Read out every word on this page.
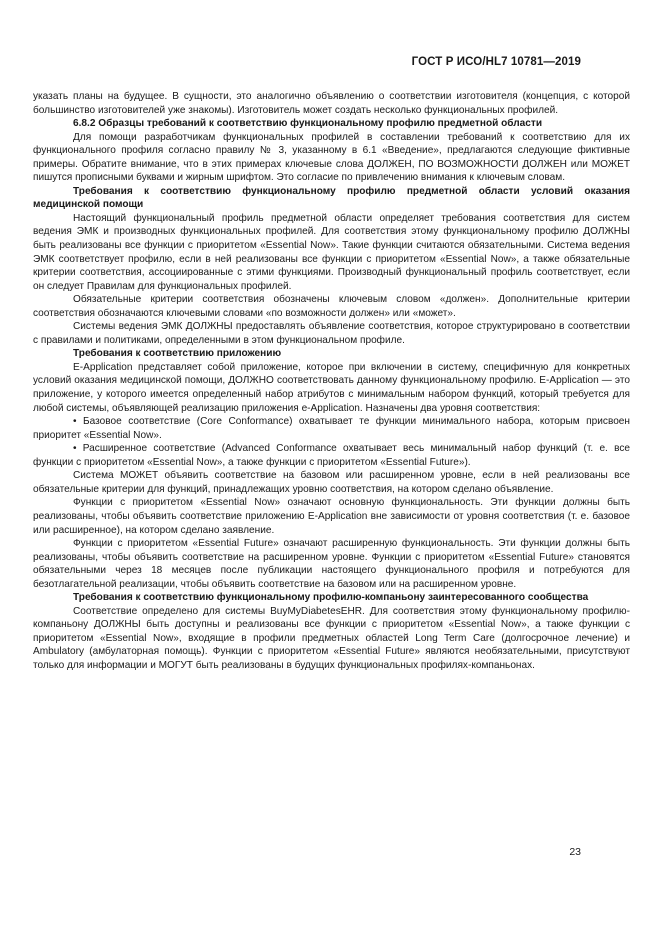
ГОСТ Р ИСО/HL7 10781—2019

указать планы на будущее. В сущности, это аналогично объявлению о соответствии изготовителя (концепция, с которой большинство изготовителей уже знакомы). Изготовитель может создать несколько функциональных профилей.

6.8.2 Образцы требований к соответствию функциональному профилю предметной области

Для помощи разработчикам функциональных профилей в составлении требований к соответствию для их функционального профиля согласно правилу № 3, указанному в 6.1 «Введение», предлагаются следующие фиктивные примеры. Обратите внимание, что в этих примерах ключевые слова ДОЛЖЕН, ПО ВОЗМОЖНОСТИ ДОЛЖЕН или МОЖЕТ пишутся прописными буквами и жирным шрифтом. Это согласие по привлечению внимания к ключевым словам.

Требования к соответствию функциональному профилю предметной области условий оказания медицинской помощи

Настоящий функциональный профиль предметной области определяет требования соответствия для систем ведения ЭМК и производных функциональных профилей. Для соответствия этому функциональному профилю ДОЛЖНЫ быть реализованы все функции с приоритетом «Essential Now». Такие функции считаются обязательными. Система ведения ЭМК соответствует профилю, если в ней реализованы все функции с приоритетом «Essential Now», а также обязательные критерии соответствия, ассоциированные с этими функциями. Производный функциональный профиль соответствует, если он следует Правилам для функциональных профилей.

Обязательные критерии соответствия обозначены ключевым словом «должен». Дополнительные критерии соответствия обозначаются ключевыми словами «по возможности должен» или «может».

Системы ведения ЭМК ДОЛЖНЫ предоставлять объявление соответствия, которое структурировано в соответствии с правилами и политиками, определенными в этом функциональном профиле.

Требования к соответствию приложению

E-Application представляет собой приложение, которое при включении в систему, специфичную для конкретных условий оказания медицинской помощи, ДОЛЖНО соответствовать данному функциональному профилю. E-Application — это приложение, у которого имеется определенный набор атрибутов с минимальным набором функций, который требуется для любой системы, объявляющей реализацию приложения e-Application. Назначены два уровня соответствия:

• Базовое соответствие (Core Conformance) охватывает те функции минимального набора, которым присвоен приоритет «Essential Now».

• Расширенное соответствие (Advanced Conformance охватывает весь минимальный набор функций (т. е. все функции с приоритетом «Essential Now», а также функции с приоритетом «Essential Future»).

Система МОЖЕТ объявить соответствие на базовом или расширенном уровне, если в ней реализованы все обязательные критерии для функций, принадлежащих уровню соответствия, на котором сделано объявление.

Функции с приоритетом «Essential Now» означают основную функциональность. Эти функции должны быть реализованы, чтобы объявить соответствие приложению E-Application вне зависимости от уровня соответствия (т. е. базовое или расширенное), на котором сделано заявление.

Функции с приоритетом «Essential Future» означают расширенную функциональность. Эти функции должны быть реализованы, чтобы объявить соответствие на расширенном уровне. Функции с приоритетом «Essential Future» становятся обязательными через 18 месяцев после публикации настоящего функционального профиля и потребуются для безотлагательной реализации, чтобы объявить соответствие на базовом или на расширенном уровне.

Требования к соответствию функциональному профилю-компаньону заинтересованного сообщества

Соответствие определено для системы BuyMyDiabetesEHR. Для соответствия этому функциональному профилю-компаньону ДОЛЖНЫ быть доступны и реализованы все функции с приоритетом «Essential Now», а также функции с приоритетом «Essential Now», входящие в профили предметных областей Long Term Care (долгосрочное лечение) и Ambulatory (амбулаторная помощь). Функции с приоритетом «Essential Future» являются необязательными, присутствуют только для информации и МОГУТ быть реализованы в будущих функциональных профилях-компаньонах.

23
